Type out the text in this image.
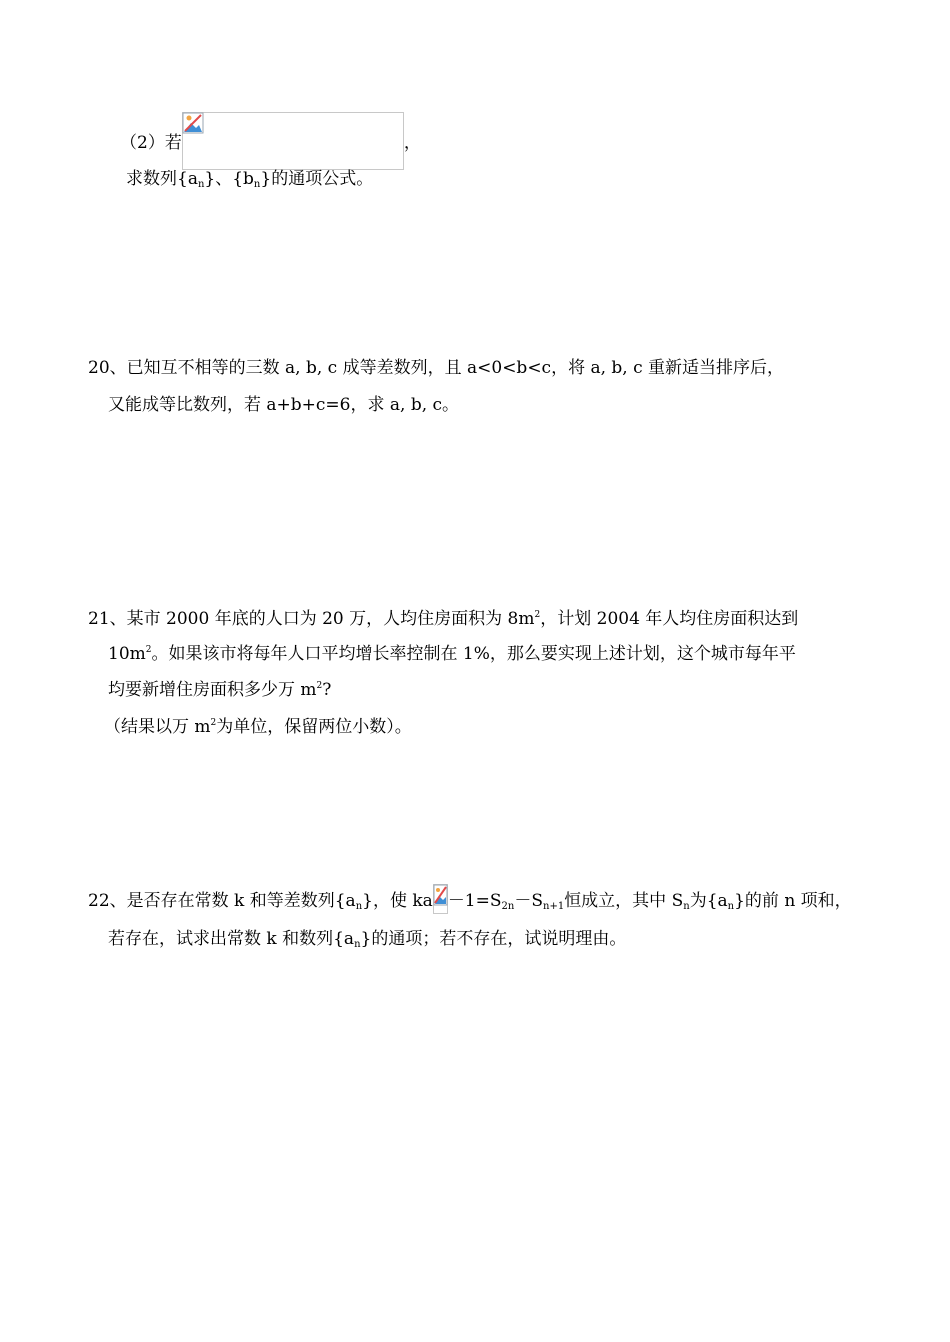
（2）若	，
求数列$\{a_n\}$、$\{b_n\}$的通项公式。
20、已知互不相等的三数 a, b, c 成等差数列，且 a<0<b<c，将 a, b, c 重新适当排序后，
又能成等比数列，若 a+b+c=6，求 a, b, c。
21、某市 2000 年底的人口为 20 万，人均住房面积为 $8m^2$，计划 2004 年人均住房面积达到
$10m^2$。如果该市将每年人口平均增长率控制在 1%，那么要实现上述计划，这个城市每年平
均要新增住房面积多少万 $m^2$?
（结果以万 $m^2$为单位，保留两位小数）。
22、是否存在常数 k 和等差数列$\{a_n\}$，使 ka $-1=S_{2n}-S_{n+1}$恒成立，其中 $S_n$为$\{a_n\}$的前 n 项和，
若存在，试求出常数 k 和数列$\{a_n\}$的通项；若不存在，试说明理由。
